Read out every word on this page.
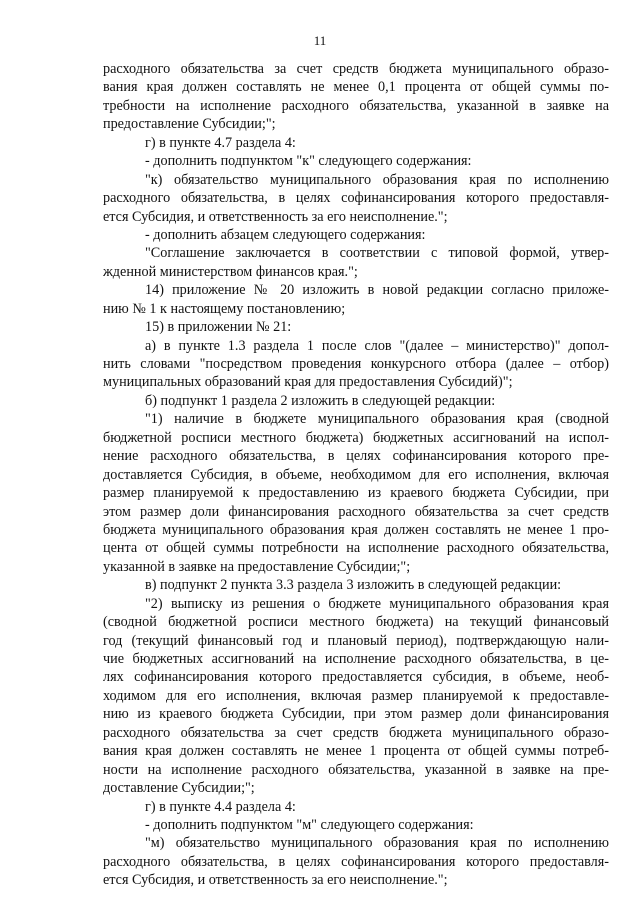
11
расходного обязательства за счет средств бюджета муниципального образо-
вания края должен составлять не менее 0,1 процента от общей суммы по-
требности на исполнение расходного обязательства, указанной в заявке на
предоставление Субсидии;";
г) в пункте 4.7 раздела 4:
- дополнить подпунктом "к" следующего содержания:
"к) обязательство муниципального образования края по исполнению
расходного обязательства, в целях софинансирования которого предоставля-
ется Субсидия, и ответственность за его неисполнение.";
- дополнить абзацем следующего содержания:
"Соглашение заключается в соответствии с типовой формой, утвер-
жденной министерством финансов края.";
14) приложение № 20 изложить в новой редакции согласно приложе-
нию № 1 к настоящему постановлению;
15) в приложении № 21:
а) в пункте 1.3 раздела 1 после слов "(далее – министерство)" допол-
нить словами "посредством проведения конкурсного отбора (далее – отбор)
муниципальных образований края для предоставления Субсидий)";
б) подпункт 1 раздела 2 изложить в следующей редакции:
"1) наличие в бюджете муниципального образования края (сводной
бюджетной росписи местного бюджета) бюджетных ассигнований на испол-
нение расходного обязательства, в целях софинансирования которого пре-
доставляется Субсидия, в объеме, необходимом для его исполнения, включая
размер планируемой к предоставлению из краевого бюджета Субсидии, при
этом размер доли финансирования расходного обязательства за счет средств
бюджета муниципального образования края должен составлять не менее 1 про-
цента от общей суммы потребности на исполнение расходного обязательства,
указанной в заявке на предоставление Субсидии;";
в) подпункт 2 пункта 3.3 раздела 3 изложить в следующей редакции:
"2) выписку из решения о бюджете муниципального образования края
(сводной бюджетной росписи местного бюджета) на текущий финансовый
год (текущий финансовый год и плановый период), подтверждающую нали-
чие бюджетных ассигнований на исполнение расходного обязательства, в це-
лях софинансирования которого предоставляется субсидия, в объеме, необ-
ходимом для его исполнения, включая размер планируемой к предоставле-
нию из краевого бюджета Субсидии, при этом размер доли финансирования
расходного обязательства за счет средств бюджета муниципального образо-
вания края должен составлять не менее 1 процента от общей суммы потреб-
ности на исполнение расходного обязательства, указанной в заявке на пре-
доставление Субсидии;";
г) в пункте 4.4 раздела 4:
- дополнить подпунктом "м" следующего содержания:
"м) обязательство муниципального образования края по исполнению
расходного обязательства, в целях софинансирования которого предоставля-
ется Субсидия, и ответственность за его неисполнение.";
